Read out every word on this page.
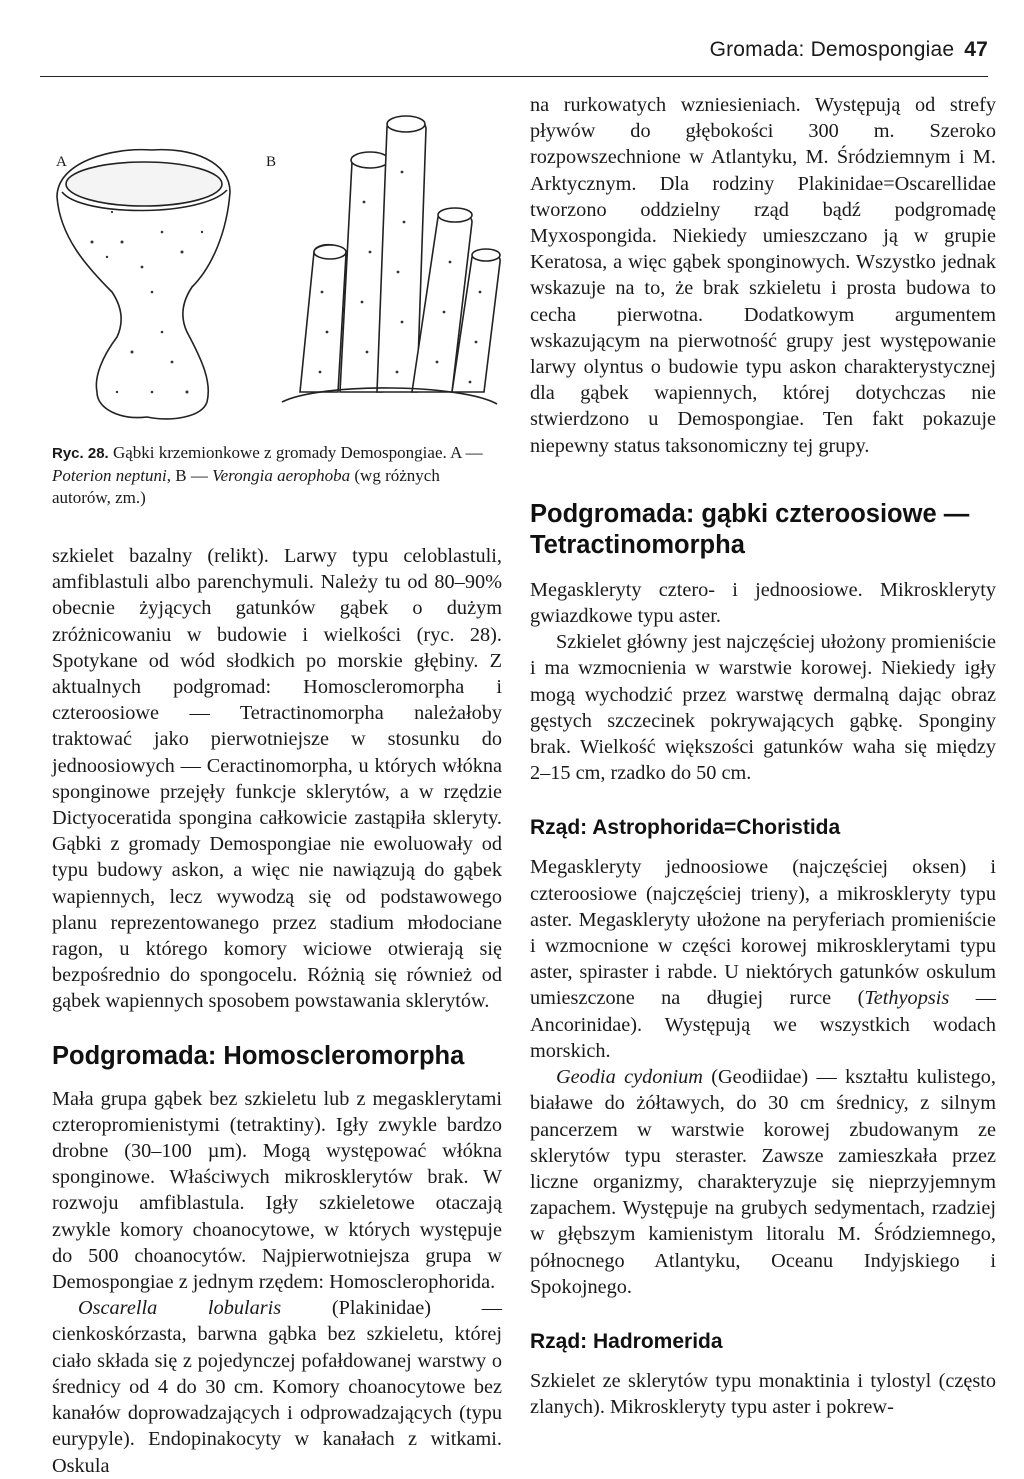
Gromada: Demospongiae 47
A	B

Ryc. 28. Gąbki krzemionkowe z gromady Demospongiae. A — Poterion neptuni, B — Verongia aerophoba (wg różnych autorów, zm.)

szkielet bazalny (relikt). Larwy typu celoblastuli, amfiblastuli albo parenchymuli. Należy tu od 80–90% obecnie żyjących gatunków gąbek o dużym zróżnicowaniu w budowie i wielkości (ryc. 28). Spotykane od wód słodkich po morskie głębiny. Z aktualnych podgromad: Homoscleromorpha i czteroosiowe — Tetractinomorpha należałoby traktować jako pierwotniejsze w stosunku do jednoosiowych — Ceractinomorpha, u których włókna sponginowe przejęły funkcje sklerytów, a w rzędzie Dictyoceratida spongina całkowicie zastąpiła skleryty. Gąbki z gromady Demospongiae nie ewoluowały od typu budowy askon, a więc nie nawiązują do gąbek wapiennych, lecz wywodzą się od podstawowego planu reprezentowanego przez stadium młodociane ragon, u którego komory wiciowe otwierają się bezpośrednio do spongocelu. Różnią się również od gąbek wapiennych sposobem powstawania sklerytów.

Podgromada: Homoscleromorpha

Mała grupa gąbek bez szkieletu lub z megasklerytami czteropromienistymi (tetraktiny). Igły zwykle bardzo drobne (30–100 µm). Mogą występować włókna sponginowe. Właściwych mikrosklerytów brak. W rozwoju amfiblastula. Igły szkieletowe otaczają zwykle komory choanocytowe, w których występuje do 500 choanocytów. Najpierwotniejsza grupa w Demospongiae z jednym rzędem: Homosclerophorida.

Oscarella lobularis (Plakinidae) — cienkoskórzasta, barwna gąbka bez szkieletu, której ciało składa się z pojedynczej pofałdowanej warstwy o średnicy od 4 do 30 cm. Komory choanocytowe bez kanałów doprowadzających i odprowadzających (typu eurypyle). Endopinakocyty w kanałach z witkami. Oskula

na rurkowatych wzniesieniach. Występują od strefy pływów do głębokości 300 m. Szeroko rozpowszechnione w Atlantyku, M. Śródziemnym i M. Arktycznym. Dla rodziny Plakinidae=Oscarellidae tworzono oddzielny rząd bądź podgromadę Myxospongida. Niekiedy umieszczano ją w grupie Keratosa, a więc gąbek sponginowych. Wszystko jednak wskazuje na to, że brak szkieletu i prosta budowa to cecha pierwotna. Dodatkowym argumentem wskazującym na pierwotność grupy jest występowanie larwy olyntus o budowie typu askon charakterystycznej dla gąbek wapiennych, której dotychczas nie stwierdzono u Demospongiae. Ten fakt pokazuje niepewny status taksonomiczny tej grupy.

Podgromada: gąbki czteroosiowe — Tetractinomorpha

Megaskleryty cztero- i jednoosiowe. Mikroskleryty gwiazdkowe typu aster.

Szkielet główny jest najczęściej ułożony promieniście i ma wzmocnienia w warstwie korowej. Niekiedy igły mogą wychodzić przez warstwę dermalną dając obraz gęstych szczecinek pokrywających gąbkę. Sponginy brak. Wielkość większości gatunków waha się między 2–15 cm, rzadko do 50 cm.

Rząd: Astrophorida=Choristida

Megaskleryty jednoosiowe (najczęściej oksen) i czteroosiowe (najczęściej trieny), a mikroskleryty typu aster. Megaskleryty ułożone na peryferiach promieniście i wzmocnione w części korowej mikrosklerytami typu aster, spiraster i rabde. U niektórych gatunków oskulum umieszczone na długiej rurce (Tethyopsis — Ancorinidae). Występują we wszystkich wodach morskich.

Geodia cydonium (Geodiidae) — kształtu kulistego, białawe do żółtawych, do 30 cm średnicy, z silnym pancerzem w warstwie korowej zbudowanym ze sklerytów typu steraster. Zawsze zamieszkała przez liczne organizmy, charakteryzuje się nieprzyjemnym zapachem. Występuje na grubych sedymentach, rzadziej w głębszym kamienistym litoralu M. Śródziemnego, północnego Atlantyku, Oceanu Indyjskiego i Spokojnego.

Rząd: Hadromerida

Szkielet ze sklerytów typu monaktinia i tylostyl (często zlanych). Mikroskleryty typu aster i pokrew-
